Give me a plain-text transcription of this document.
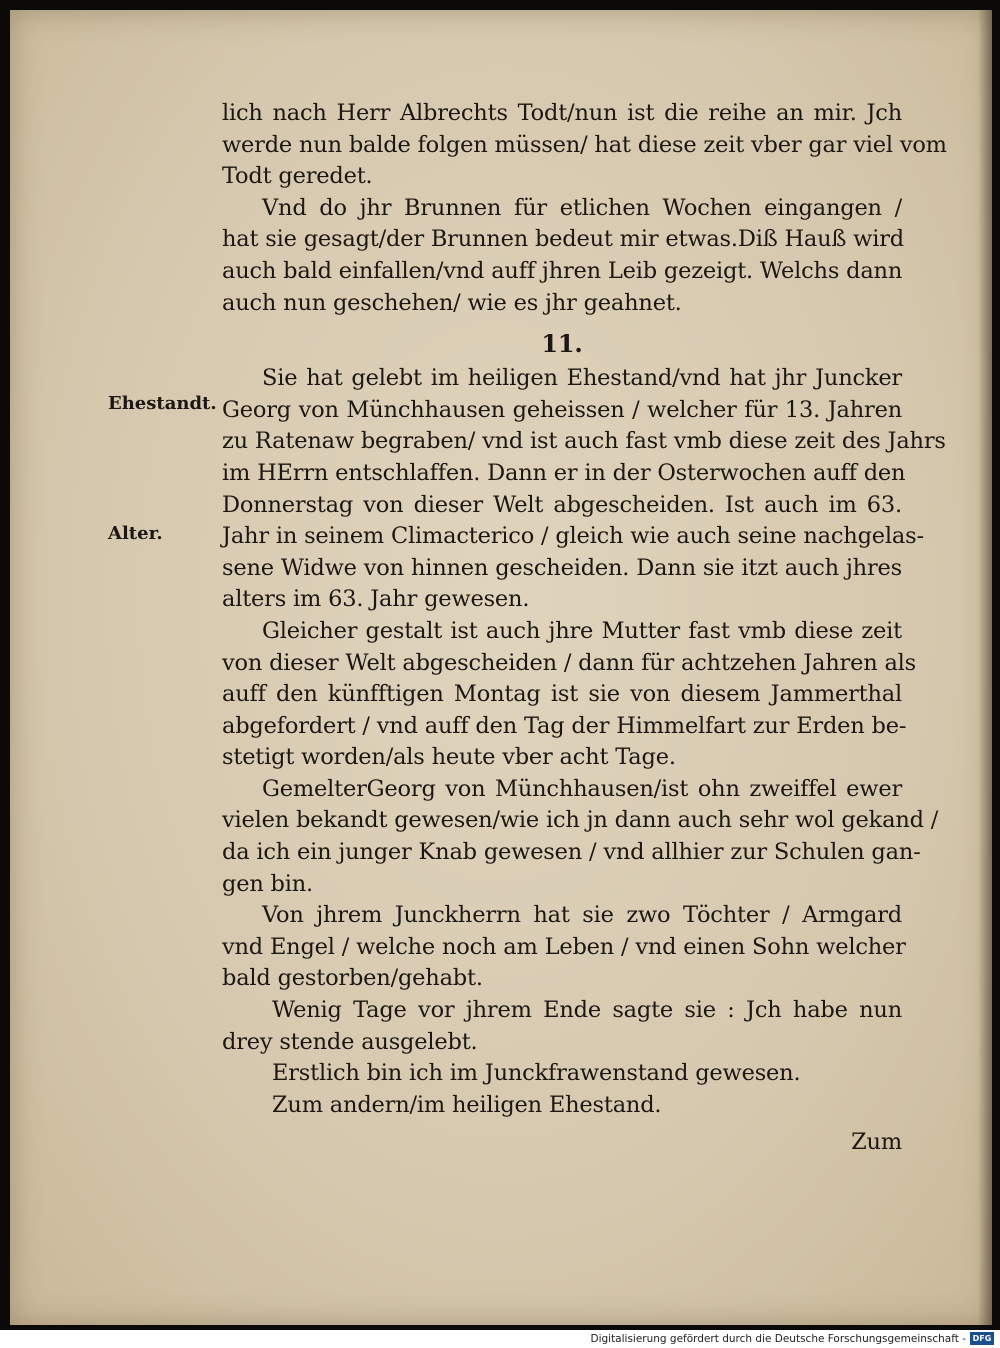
Ehestandt.
Alter.
lich nach Herr Albrechts Todt/nun ist die reihe an mir. Jch
werde nun balde folgen müssen/ hat diese zeit vber gar viel vom
Todt geredet.
Vnd do jhr Brunnen für etlichen Wochen eingangen /
hat sie gesagt/der Brunnen bedeut mir etwas.Diß Hauß wird
auch bald einfallen/vnd auff jhren Leib gezeigt. Welchs dann
auch nun geschehen/ wie es jhr geahnet.
11.
Sie hat gelebt im heiligen Ehestand/vnd hat jhr Juncker
Georg von Münchhausen geheissen / welcher für 13. Jahren
zu Ratenaw begraben/ vnd ist auch fast vmb diese zeit des Jahrs
im HErrn entschlaffen. Dann er in der Osterwochen auff den
Donnerstag von dieser Welt abgescheiden. Ist auch im 63.
Jahr in seinem Climacterico / gleich wie auch seine nachgelas-
sene Widwe von hinnen gescheiden. Dann sie itzt auch jhres
alters im 63. Jahr gewesen.
Gleicher gestalt ist auch jhre Mutter fast vmb diese zeit
von dieser Welt abgescheiden / dann für achtzehen Jahren als
auff den künfftigen Montag ist sie von diesem Jammerthal
abgefordert / vnd auff den Tag der Himmelfart zur Erden be-
stetigt worden/als heute vber acht Tage.
GemelterGeorg von Münchhausen/ist ohn zweiffel ewer
vielen bekandt gewesen/wie ich jn dann auch sehr wol gekand /
da ich ein junger Knab gewesen / vnd allhier zur Schulen gan-
gen bin.
Von jhrem Junckherrn hat sie zwo Töchter / Armgard
vnd Engel / welche noch am Leben / vnd einen Sohn welcher
bald gestorben/gehabt.
Wenig Tage vor jhrem Ende sagte sie : Jch habe nun
drey stende ausgelebt.
Erstlich bin ich im Junckfrawenstand gewesen.
Zum andern/im heiligen Ehestand.
Zum
Digitalisierung gefördert durch die Deutsche Forschungsgemeinschaft - DFG
